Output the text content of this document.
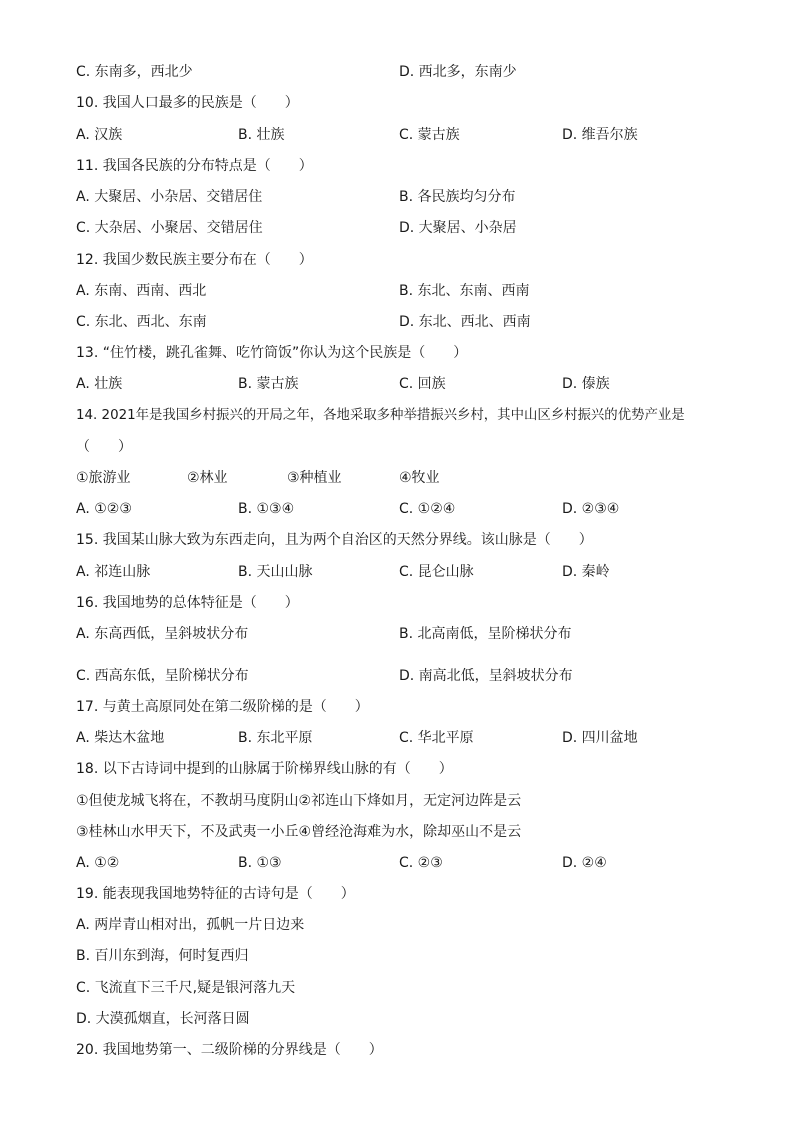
C. 东南多，西北少	D. 西北多，东南少
10. 我国人口最多的民族是（　　）
A. 汉族	B. 壮族	C. 蒙古族	D. 维吾尔族
11. 我国各民族的分布特点是（　　）
A. 大聚居、小杂居、交错居住	B. 各民族均匀分布
C. 大杂居、小聚居、交错居住	D. 大聚居、小杂居
12. 我国少数民族主要分布在（　　）
A. 东南、西南、西北	B. 东北、东南、西南
C. 东北、西北、东南	D. 东北、西北、西南
13. “住竹楼，跳孔雀舞、吃竹筒饭”你认为这个民族是（　　）
A. 壮族	B. 蒙古族	C. 回族	D. 傣族
14. 2021年是我国乡村振兴的开局之年，各地采取多种举措振兴乡村，其中山区乡村振兴的优势产业是
（　　）
①旅游业	②林业	③种植业	④牧业
A. ①②③	B. ①③④	C. ①②④	D. ②③④
15. 我国某山脉大致为东西走向，且为两个自治区的天然分界线。该山脉是（　　）
A. 祁连山脉	B. 天山山脉	C. 昆仑山脉	D. 秦岭
16. 我国地势的总体特征是（　　）
A. 东高西低，呈斜坡状分布	B. 北高南低，呈阶梯状分布
C. 西高东低，呈阶梯状分布	D. 南高北低，呈斜坡状分布
17. 与黄土高原同处在第二级阶梯的是（　　）
A. 柴达木盆地	B. 东北平原	C. 华北平原	D. 四川盆地
18. 以下古诗词中提到的山脉属于阶梯界线山脉的有（　　）
①但使龙城飞将在，不教胡马度阴山②祁连山下烽如月，无定河边阵是云
③桂林山水甲天下，不及武夷一小丘④曾经沧海难为水，除却巫山不是云
A. ①②	B. ①③	C. ②③	D. ②④
19. 能表现我国地势特征的古诗句是（　　）
A. 两岸青山相对出，孤帆一片日边来
B. 百川东到海，何时复西归
C. 飞流直下三千尺,疑是银河落九天
D. 大漠孤烟直，长河落日圆
20. 我国地势第一、二级阶梯的分界线是（　　）
